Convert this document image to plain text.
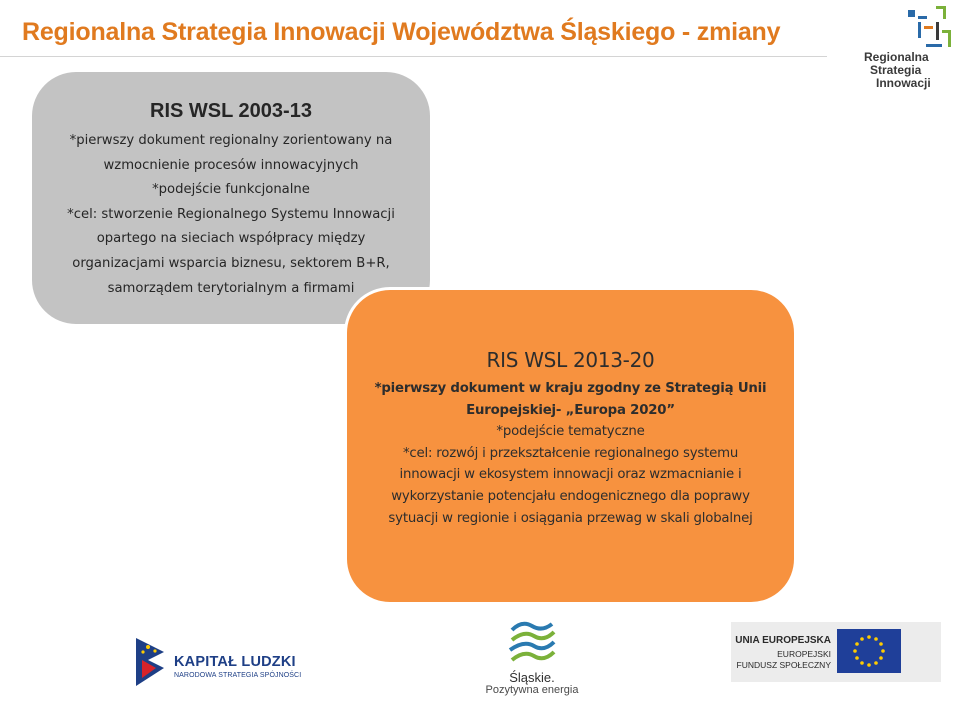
Regionalna Strategia Innowacji Województwa Śląskiego - zmiany
Regionalna
Strategia
Innowacji
RIS WSL 2003-13
*pierwszy dokument regionalny zorientowany na
wzmocnienie procesów innowacyjnych
*podejście funkcjonalne
*cel: stworzenie Regionalnego Systemu Innowacji
opartego na sieciach współpracy między
organizacjami wsparcia biznesu, sektorem B+R,
samorządem terytorialnym a firmami
RIS WSL 2013-20
*pierwszy dokument w kraju zgodny ze Strategią Unii
Europejskiej- „Europa 2020”
*podejście tematyczne
*cel: rozwój i przekształcenie regionalnego systemu
innowacji w ekosystem innowacji oraz wzmacnianie i
wykorzystanie potencjału endogenicznego dla poprawy
sytuacji w regionie i osiągania przewag w skali globalnej
KAPITAŁ LUDZKI
NARODOWA STRATEGIA SPÓJNOŚCI	Śląskie.
Pozytywna energia
UNIA EUROPEJSKA
EUROPEJSKI
FUNDUSZ SPOŁECZNY
